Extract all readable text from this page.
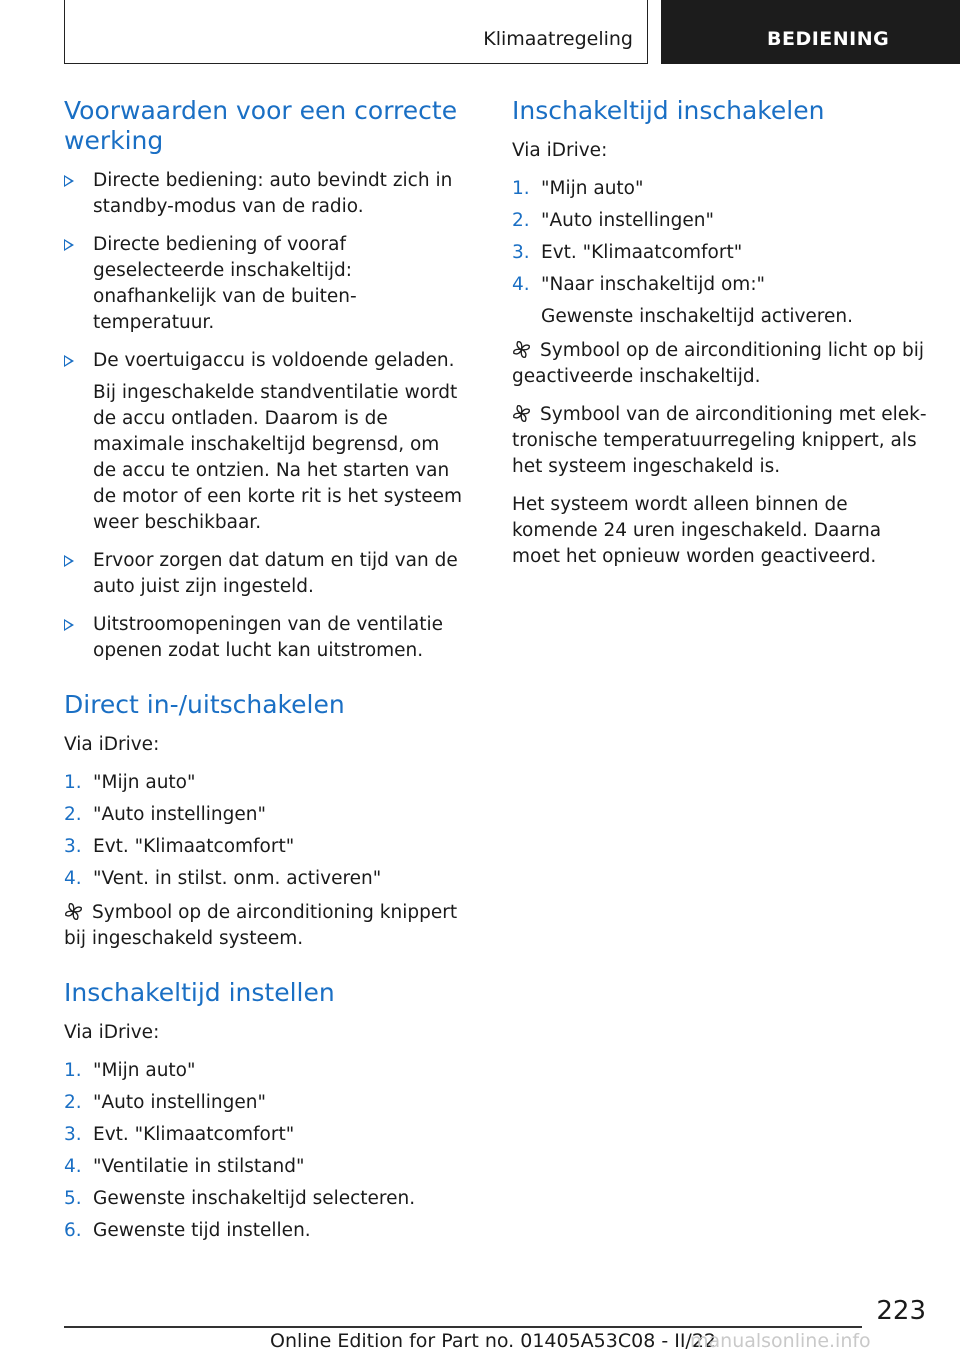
Klimaatregeling	BEDIENING
Voorwaarden voor een correcte werking
Directe bediening: auto bevindt zich in standby-modus van de radio.
Directe bediening of vooraf geselecteerde inschakeltijd: onafhankelijk van de buitentemperatuur.
De voertuigaccu is voldoende geladen.
Bij ingeschakelde standventilatie wordt de accu ontladen. Daarom is de maximale inschakeltijd begrensd, om de accu te ontzien. Na het starten van de motor of een korte rit is het systeem weer beschikbaar.
Ervoor zorgen dat datum en tijd van de auto juist zijn ingesteld.
Uitstroomopeningen van de ventilatie openen zodat lucht kan uitstromen.
Direct in-/uitschakelen

Via iDrive:

1. "Mijn auto"
2. "Auto instellingen"
3. Evt. "Klimaatcomfort"
4. "Vent. in stilst. onm. activeren"
Symbool op de airconditioning knippert bij ingeschakeld systeem.
Inschakeltijd instellen

Via iDrive:

1. "Mijn auto"
2. "Auto instellingen"
3. Evt. "Klimaatcomfort"
4. "Ventilatie in stilstand"
5. Gewenste inschakeltijd selecteren.
6. Gewenste tijd instellen.
Inschakeltijd inschakelen

Via iDrive:

1. "Mijn auto"
2. "Auto instellingen"
3. Evt. "Klimaatcomfort"
4. "Naar inschakeltijd om:"
Gewenste inschakeltijd activeren.
Symbool op de airconditioning licht op bij geactiveerde inschakeltijd.
Symbool van de airconditioning met elektronische temperatuurregeling knippert, als het systeem ingeschakeld is.

Het systeem wordt alleen binnen de komende 24 uren ingeschakeld. Daarna moet het opnieuw worden geactiveerd.

223
Online Edition for Part no. 01405A53C08 - II/22
manualsonline.info
